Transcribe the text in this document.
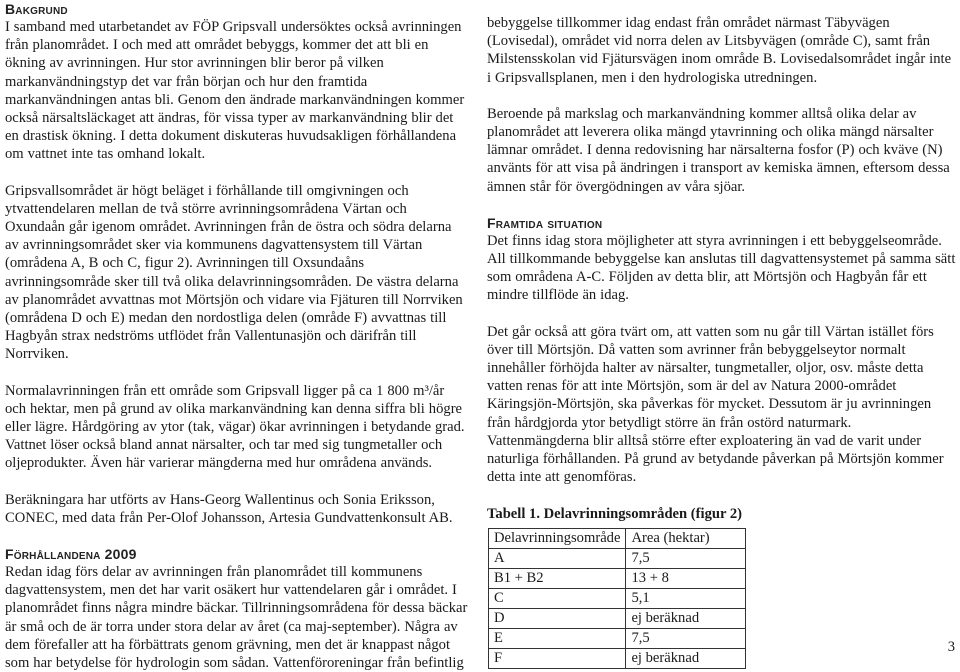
Bakgrund

I samband med utarbetandet av FÖP Gripsvall undersöktes också avrinningen från planområdet. I och med att området bebyggs, kommer det att bli en ökning av avrinningen. Hur stor avrinningen blir beror på vilken markanvändningstyp det var från början och hur den framtida markanvändningen antas bli. Genom den ändrade markanvändningen kommer också närsaltsläckaget att ändras, för vissa typer av markanvändning blir det en drastisk ökning. I detta dokument diskuteras huvudsakligen förhållandena om vattnet inte tas omhand lokalt.

Gripsvallsområdet är högt beläget i förhållande till omgivningen och ytvattendelaren mellan de två större avrinningsområdena Värtan och Oxundaån går igenom området. Avrinningen från de östra och södra delarna av avrinningsområdet sker via kommunens dagvattensystem till Värtan (områdena A, B och C, figur 2). Avrinningen till Oxsundaåns avrinningsområde sker till två olika delavrinningsområden. De västra delarna av planområdet avvattnas mot Mörtsjön och vidare via Fjäturen till Norrviken (områdena D och E) medan den nordostliga delen (område F) avvattnas till Hagbyån strax nedströms utflödet från Vallentunasjön och därifrån till Norrviken.

Normalavrinningen från ett område som Gripsvall ligger på ca 1 800 m³/år och hektar, men på grund av olika markanvändning kan denna siffra bli högre eller lägre. Hårdgöring av ytor (tak, vägar) ökar avrinningen i betydande grad. Vattnet löser också bland annat närsalter, och tar med sig tungmetaller och oljeprodukter. Även här varierar mängderna med hur områdena används.

Beräkningara har utförts av Hans-Georg Wallentinus och Sonia Eriksson, CONEC, med data från Per-Olof Johansson, Artesia Gundvattenkonsult AB.

Förhållandena 2009

Redan idag förs delar av avrinningen från planområdet till kommunens dagvattensystem, men det har varit osäkert hur vattendelaren går i området. I planområdet finns några mindre bäckar. Tillrinningsområdena för dessa bäckar är små och de är torra under stora delar av året (ca maj-september). Några av dem förefaller att ha förbättrats genom grävning, men det är knappast något som har betydelse för hydrologin som sådan. Vattenföroreningar från befintlig

bebyggelse tillkommer idag endast från området närmast Täbyvägen (Lovisedal), området vid norra delen av Litsbyvägen (område C), samt från Milstensskolan vid Fjätursvägen inom område B. Lovisedalsområdet ingår inte i Gripsvallsplanen, men i den hydrologiska utredningen.

Beroende på markslag och markanvändning kommer alltså olika delar av planområdet att leverera olika mängd ytavrinning och olika mängd närsalter lämnar området. I denna redovisning har närsalterna fosfor (P) och kväve (N) använts för att visa på ändringen i transport av kemiska ämnen, eftersom dessa ämnen står för övergödningen av våra sjöar.

Framtida situation

Det finns idag stora möjligheter att styra avrinningen i ett bebyggelseområde. All tillkommande bebyggelse kan anslutas till dagvattensystemet på samma sätt som områdena A-C. Följden av detta blir, att Mörtsjön och Hagbyån får ett mindre tillflöde än idag.

Det går också att göra tvärt om, att vatten som nu går till Värtan istället förs över till Mörtsjön. Då vatten som avrinner från bebyggelseytor normalt innehåller förhöjda halter av närsalter, tungmetaller, oljor, osv. måste detta vatten renas för att inte Mörtsjön, som är del av Natura 2000-området Käringsjön-Mörtsjön, ska påverkas för mycket. Dessutom är ju avrinningen från hårdgjorda ytor betydligt större än från ostörd naturmark. Vattenmängderna blir alltså större efter exploatering än vad de varit under naturliga förhållanden. På grund av betydande påverkan på Mörtsjön kommer detta inte att genomföras.

Tabell 1. Delavrinningsområden (figur 2)
Delavrinningsområde	Area (hektar)
A	7,5
B1 + B2	13 + 8
C	5,1
D	ej beräknad
E	7,5
F	ej beräknad
3
